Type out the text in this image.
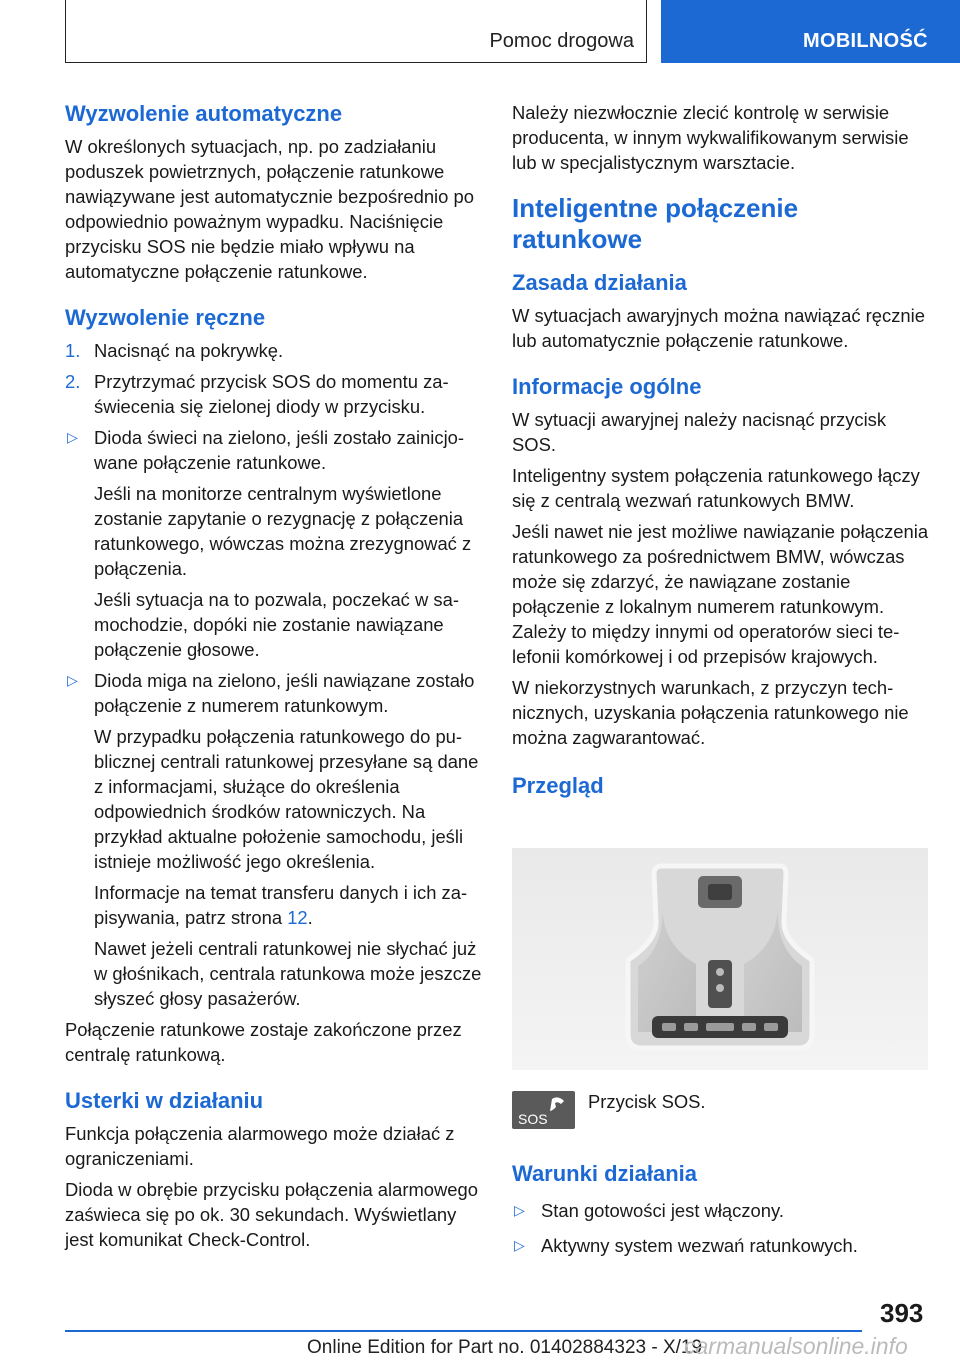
Pomoc drogowa	MOBILNOŚĆ
Wyzwolenie automatyczne

W określonych sytuacjach, np. po zadziałaniu poduszek powietrznych, połączenie ratunkowe nawiązywane jest automatycznie bezpośrednio po odpowiednio poważnym wypadku. Naciśnięcie przycisku SOS nie będzie miało wpływu na automatyczne połączenie ratunkowe.

Wyzwolenie ręczne
1. Nacisnąć na pokrywkę.
2. Przytrzymać przycisk SOS do momentu zaświecenia się zielonej diody w przycisku.
▷ Dioda świeci na zielono, jeśli zostało zainicjowane połączenie ratunkowe.

Jeśli na monitorze centralnym wyświetlone zostanie zapytanie o rezygnację z połączenia ratunkowego, wówczas można zrezygnować z połączenia.

Jeśli sytuacja na to pozwala, poczekać w samochodzie, dopóki nie zostanie nawiązane połączenie głosowe.

▷ Dioda miga na zielono, jeśli nawiązane zostało połączenie z numerem ratunkowym.

W przypadku połączenia ratunkowego do publicznej centrali ratunkowej przesyłane są dane z informacjami, służące do określenia odpowiednich środków ratowniczych. Na przykład aktualne położenie samochodu, jeśli istnieje możliwość jego określenia.

Informacje na temat transferu danych i ich zapisywania, patrz strona 12.

Nawet jeżeli centrali ratunkowej nie słychać już w głośnikach, centrala ratunkowa może jeszcze słyszeć głosy pasażerów.

Połączenie ratunkowe zostaje zakończone przez centralę ratunkową.

Usterki w działaniu

Funkcja połączenia alarmowego może działać z ograniczeniami.

Dioda w obrębie przycisku połączenia alarmowego zaświeca się po ok. 30 sekundach. Wyświetlany jest komunikat Check-Control.

Należy niezwłocznie zlecić kontrolę w serwisie producenta, w innym wykwalifikowanym serwisie lub w specjalistycznym warsztacie.

Inteligentne połączenie ratunkowe
Zasada działania

W sytuacjach awaryjnych można nawiązać ręcznie lub automatycznie połączenie ratunkowe.

Informacje ogólne

W sytuacji awaryjnej należy nacisnąć przycisk SOS.

Inteligentny system połączenia ratunkowego łączy się z centralą wezwań ratunkowych BMW.

Jeśli nawet nie jest możliwe nawiązanie połączenia ratunkowego za pośrednictwem BMW, wówczas może się zdarzyć, że nawiązane zostanie połączenie z lokalnym numerem ratunkowym. Zależy to między innymi od operatorów sieci telefonii komórkowej i od przepisów krajowych.

W niekorzystnych warunkach, z przyczyn technicznych, uzyskania połączenia ratunkowego nie można zagwarantować.

Przegląd
SOS

Przycisk SOS.

Warunki działania
▷ Stan gotowości jest włączony.
▷ Aktywny system wezwań ratunkowych.
393
Online Edition for Part no. 01402884323 - X/19
carmanualsonline.info
